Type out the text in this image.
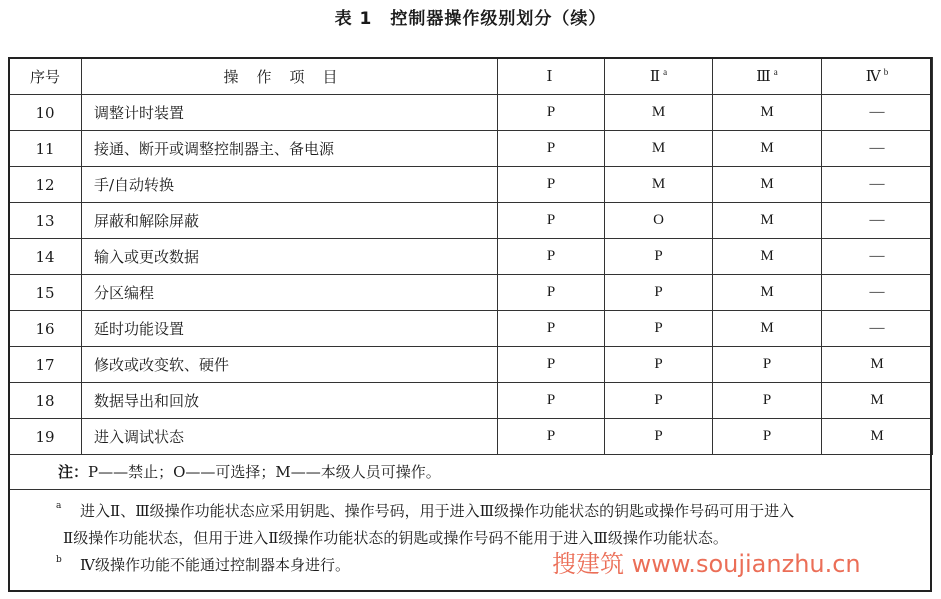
表 1　控制器操作级别划分（续）
序号	操作项目	Ⅰ	Ⅱ $^a$	Ⅲ $^a$	Ⅳ $^b$
10	调整计时装置	P	M	M	—
11	接通、断开或调整控制器主、备电源	P	M	M	—
12	手/自动转换	P	M	M	—
13	屏蔽和解除屏蔽	P	O	M	—
14	输入或更改数据	P	P	M	—
15	分区编程	P	P	M	—
16	延时功能设置	P	P	M	—
17	修改或改变软、硬件	P	P	P	M
18	数据导出和回放	P	P	P	M
19	进入调试状态	P	P	P	M
注：P——禁止；O——可选择；M——本级人员可操作。
a 进入Ⅱ、Ⅲ级操作功能状态应采用钥匙、操作号码，用于进入Ⅲ级操作功能状态的钥匙或操作号码可用于进入
Ⅱ级操作功能状态，但用于进入Ⅱ级操作功能状态的钥匙或操作号码不能用于进入Ⅲ级操作功能状态。
b Ⅳ级操作功能不能通过控制器本身进行。	搜建筑 www.soujianzhu.cn
